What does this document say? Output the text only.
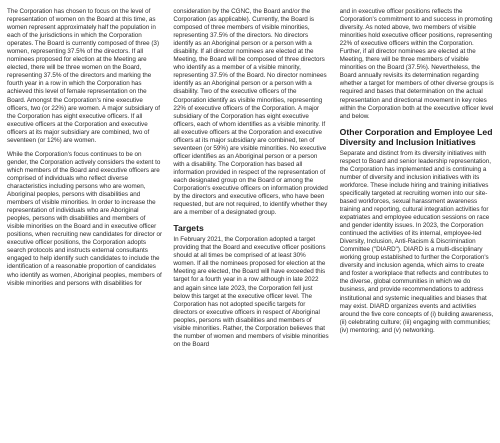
The Corporation has chosen to focus on the level of representation of women on the Board at this time, as women represent approximately half the population in each of the jurisdictions in which the Corporation operates. The Board is currently composed of three (3) women, representing 37.5% of the directors. If all nominees proposed for election at the Meeting are elected, there will be three women on the Board, representing 37.5% of the directors and marking the fourth year in a row in which the Corporation has achieved this level of female representation on the Board. Amongst the Corporation's nine executive officers, two (or 22%) are women. A major subsidiary of the Corporation has eight executive officers. If all executive officers at the Corporation and executive officers at its major subsidiary are combined, two of seventeen (or 12%) are women.

While the Corporation's focus continues to be on gender, the Corporation actively considers the extent to which members of the Board and executive officers are comprised of individuals who reflect diverse characteristics including persons who are women, Aboriginal peoples, persons with disabilities and members of visible minorities. In order to increase the representation of individuals who are Aboriginal peoples, persons with disabilities and members of visible minorities on the Board and in executive officer positions, when recruiting new candidates for director or executive officer positions, the Corporation adopts search protocols and instructs external consultants engaged to help identify such candidates to include the identification of a reasonable proportion of candidates who identify as women, Aboriginal peoples, members of visible minorities and persons with disabilities for

consideration by the CGNC, the Board and/or the Corporation (as applicable). Currently, the Board is composed of three members of visible minorities, representing 37.5% of the directors. No directors identify as an Aboriginal person or a person with a disability. If all director nominees are elected at the Meeting, the Board will be composed of three directors who identify as a member of a visible minority, representing 37.5% of the Board. No director nominees identify as an Aboriginal person or a person with a disability. Two of the executive officers of the Corporation identify as visible minorities, representing 22% of executive officers of the Corporation. A major subsidiary of the Corporation has eight executive officers, each of whom identifies as a visible minority. If all executive officers at the Corporation and executive officers at its major subsidiary are combined, ten of seventeen (or 59%) are visible minorities. No executive officer identifies as an Aboriginal person or a person with a disability. The Corporation has based all information provided in respect of the representation of each designated group on the Board or among the Corporation's executive officers on information provided by the directors and executive officers, who have been requested, but are not required, to identify whether they are a member of a designated group.

Targets

In February 2021, the Corporation adopted a target providing that the Board and executive officer positions should at all times be comprised of at least 30% women. If all the nominees proposed for election at the Meeting are elected, the Board will have exceeded this target for a fourth year in a row although in late 2022 and again since late 2023, the Corporation fell just below this target at the executive officer level. The Corporation has not adopted specific targets for directors or executive officers in respect of Aboriginal peoples, persons with disabilities and members of visible minorities. Rather, the Corporation believes that the number of women and members of visible minorities on the Board

and in executive officer positions reflects the Corporation's commitment to and success in promoting diversity. As noted above, two members of visible minorities hold executive officer positions, representing 22% of executive officers within the Corporation. Further, if all director nominees are elected at the Meeting, there will be three members of visible minorities on the Board (37.5%). Nevertheless, the Board annually revisits its determination regarding whether a target for members of other diverse groups is required and bases that determination on the actual representation and directional movement in key roles within the Corporation both at the executive officer level and below.

Other Corporation and Employee Led Diversity and Inclusion Initiatives

Separate and distinct from its diversity initiatives with respect to Board and senior leadership representation, the Corporation has implemented and is continuing a number of diversity and inclusion initiatives with its workforce. These include hiring and training initiatives specifically targeted at recruiting women into our site-based workforces, sexual harassment awareness training and reporting, cultural integration activities for expatriates and employee education sessions on race and gender identity issues. In 2023, the Corporation continued the activities of its internal, employee-led Diversity, Inclusion, Anti-Racism & Discrimination Committee ("DIARD"). DIARD is a multi-disciplinary working group established to further the Corporation's diversity and inclusion agenda, which aims to create and foster a workplace that reflects and contributes to the diverse, global communities in which we do business, and provide recommendations to address institutional and systemic inequalities and biases that may exist. DIARD organizes events and activities around the five core concepts of (i) building awareness, (ii) celebrating culture; (iii) engaging with communities; (iv) mentoring; and (v) networking.
